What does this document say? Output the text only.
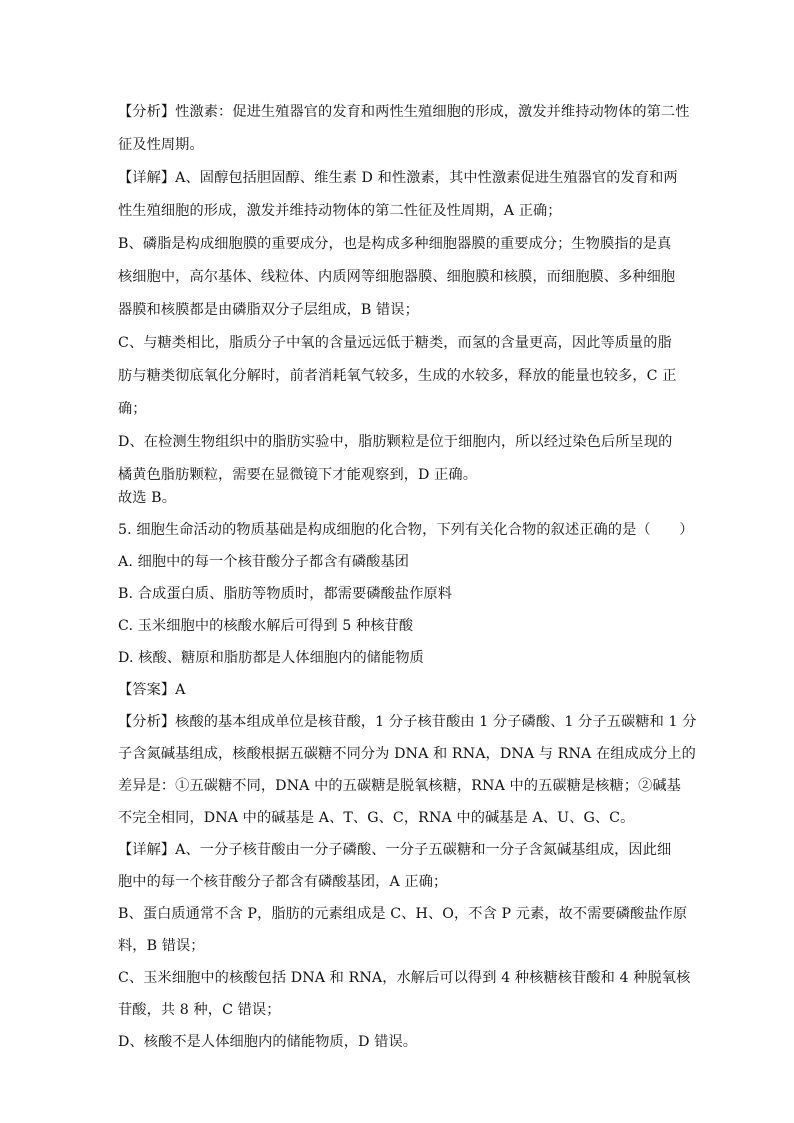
【分析】性激素：促进生殖器官的发育和两性生殖细胞的形成，激发并维持动物体的第二性
征及性周期。
【详解】A、固醇包括胆固醇、维生素 D 和性激素，其中性激素促进生殖器官的发育和两
性生殖细胞的形成，激发并维持动物体的第二性征及性周期，A 正确；
B、磷脂是构成细胞膜的重要成分，也是构成多种细胞器膜的重要成分；生物膜指的是真
核细胞中，高尔基体、线粒体、内质网等细胞器膜、细胞膜和核膜，而细胞膜、多种细胞
器膜和核膜都是由磷脂双分子层组成，B 错误；
C、与糖类相比，脂质分子中氧的含量远远低于糖类，而氢的含量更高，因此等质量的脂
肪与糖类彻底氧化分解时，前者消耗氧气较多，生成的水较多，释放的能量也较多，C 正
确；
D、在检测生物组织中的脂肪实验中，脂肪颗粒是位于细胞内，所以经过染色后所呈现的
橘黄色脂肪颗粒，需要在显微镜下才能观察到，D 正确。
故选 B。
5. 细胞生命活动的物质基础是构成细胞的化合物，下列有关化合物的叙述正确的是（　　）
A. 细胞中的每一个核苷酸分子都含有磷酸基团
B. 合成蛋白质、脂肪等物质时，都需要磷酸盐作原料
C. 玉米细胞中的核酸水解后可得到 5 种核苷酸
D. 核酸、糖原和脂肪都是人体细胞内的储能物质
【答案】A
【分析】核酸的基本组成单位是核苷酸，1 分子核苷酸由 1 分子磷酸、1 分子五碳糖和 1 分
子含氮碱基组成，核酸根据五碳糖不同分为 DNA 和 RNA，DNA 与 RNA 在组成成分上的
差异是：①五碳糖不同，DNA 中的五碳糖是脱氧核糖，RNA 中的五碳糖是核糖；②碱基
不完全相同，DNA 中的碱基是 A、T、G、C，RNA 中的碱基是 A、U、G、C。
【详解】A、一分子核苷酸由一分子磷酸、一分子五碳糖和一分子含氮碱基组成，因此细
胞中的每一个核苷酸分子都含有磷酸基团，A 正确；
B、蛋白质通常不含 P，脂肪的元素组成是 C、H、O，不含 P 元素，故不需要磷酸盐作原
料，B 错误；
C、玉米细胞中的核酸包括 DNA 和 RNA，水解后可以得到 4 种核糖核苷酸和 4 种脱氧核
苷酸，共 8 种，C 错误；
D、核酸不是人体细胞内的储能物质，D 错误。
